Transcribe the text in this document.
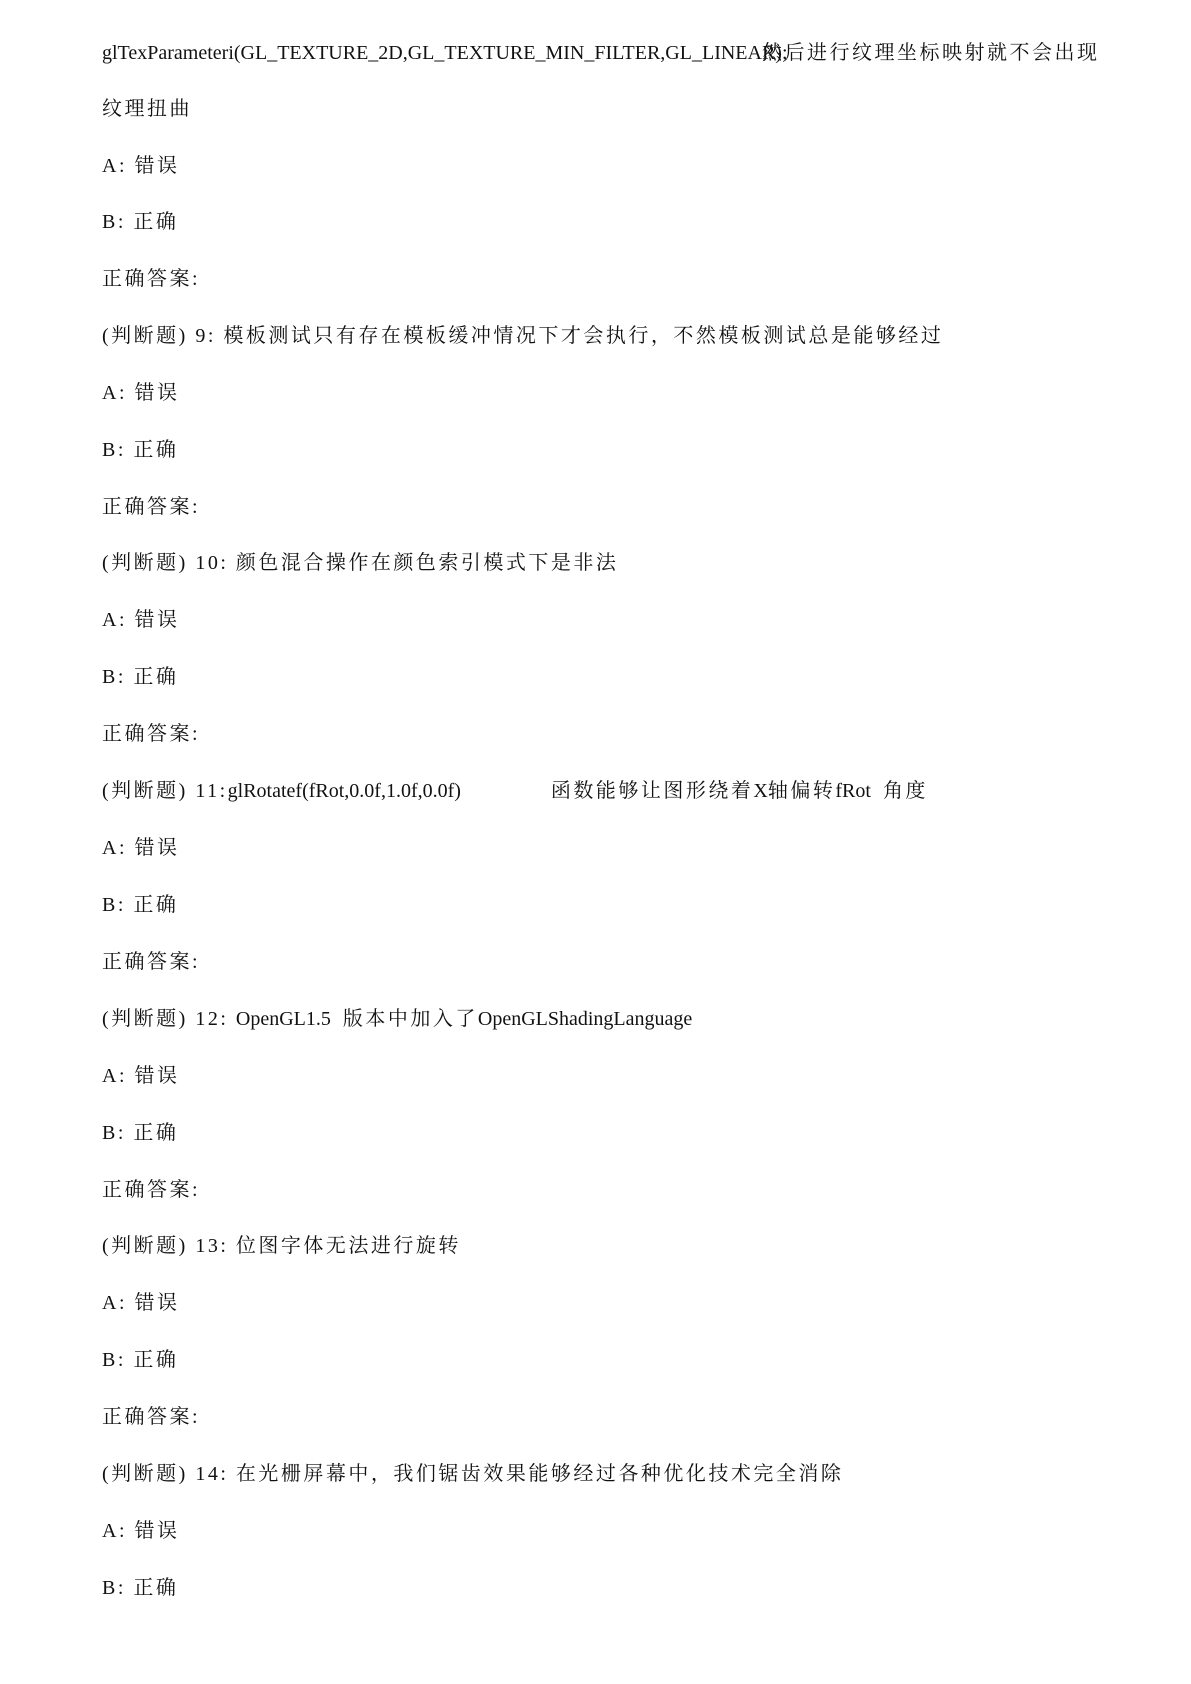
glTexParameteri(GL_TEXTURE_2D,GL_TEXTURE_MIN_FILTER,GL_LINEAR);
然后进行纹理坐标映射就不会出现
纹理扭曲
A: 错误
B: 正确
正确答案:
(判断题) 9: 模板测试只有存在模板缓冲情况下才会执行，不然模板测试总是能够经过
A: 错误
B: 正确
正确答案:
(判断题) 10: 颜色混合操作在颜色索引模式下是非法
A: 错误
B: 正确
正确答案:
(判断题) 11:glRotatef(fRot,0.0f,1.0f,0.0f)	函数能够让图形绕着X轴偏转fRot 角度
A: 错误
B: 正确
正确答案:
(判断题) 12: OpenGL1.5 版本中加入了OpenGLShadingLanguage
A: 错误
B: 正确
正确答案:
(判断题) 13: 位图字体无法进行旋转
A: 错误
B: 正确
正确答案:
(判断题) 14: 在光栅屏幕中，我们锯齿效果能够经过各种优化技术完全消除
A: 错误
B: 正确
